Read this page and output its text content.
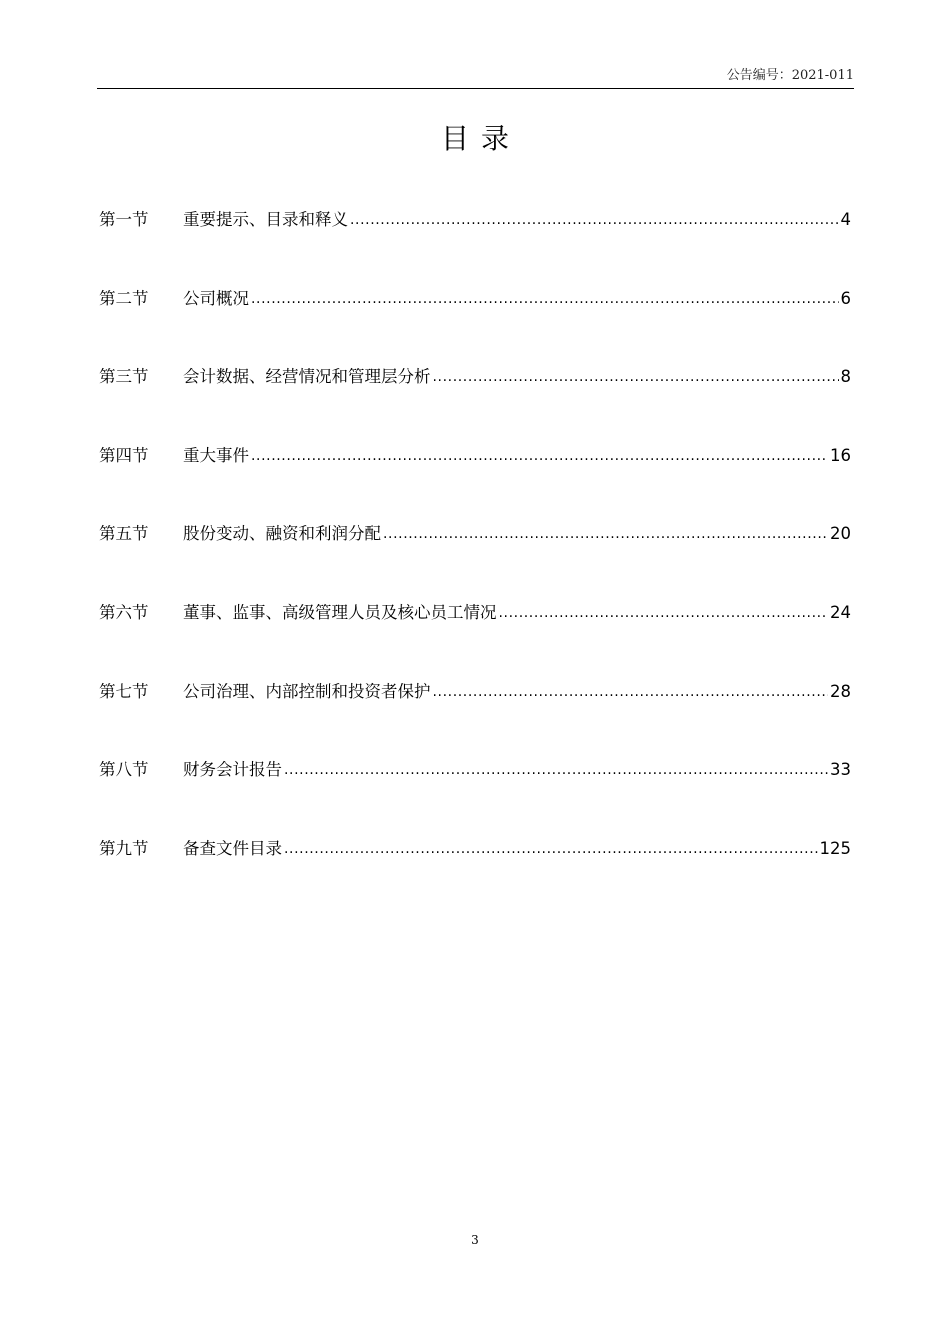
公告编号：2021-011
目录
第一节	重要提示、目录和释义 .....	4
第二节	公司概况 .....	6
第三节	会计数据、经营情况和管理层分析 .....	8
第四节	重大事件 .....	16
第五节	股份变动、融资和利润分配 .....	20
第六节	董事、监事、高级管理人员及核心员工情况 .....	24
第七节	公司治理、内部控制和投资者保护 .....	28
第八节	财务会计报告 .....	33
第九节	备查文件目录 .....	125
3
